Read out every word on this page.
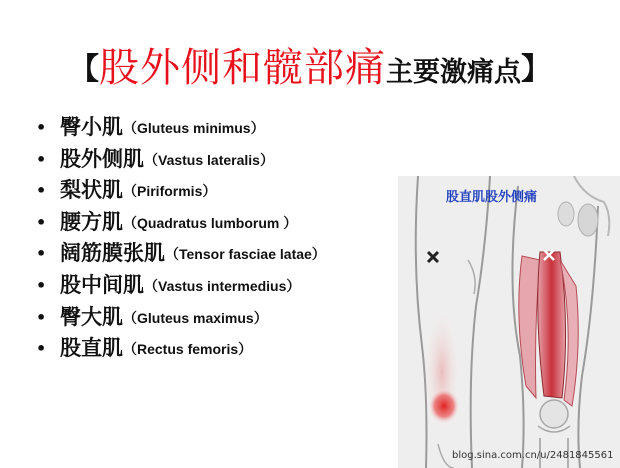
【股外侧和髋部痛主要激痛点】
• 臀小肌（Gluteus minimus）
• 股外侧肌（Vastus lateralis）
• 梨状肌（Piriformis）
• 腰方肌（Quadratus lumborum ）
• 阔筋膜张肌（Tensor fasciae latae）
• 股中间肌（Vastus intermedius）
• 臀大肌（Gluteus maximus）
• 股直肌（Rectus femoris）
股直肌股外侧痛
blog.sina.com.cn/u/2481845561
